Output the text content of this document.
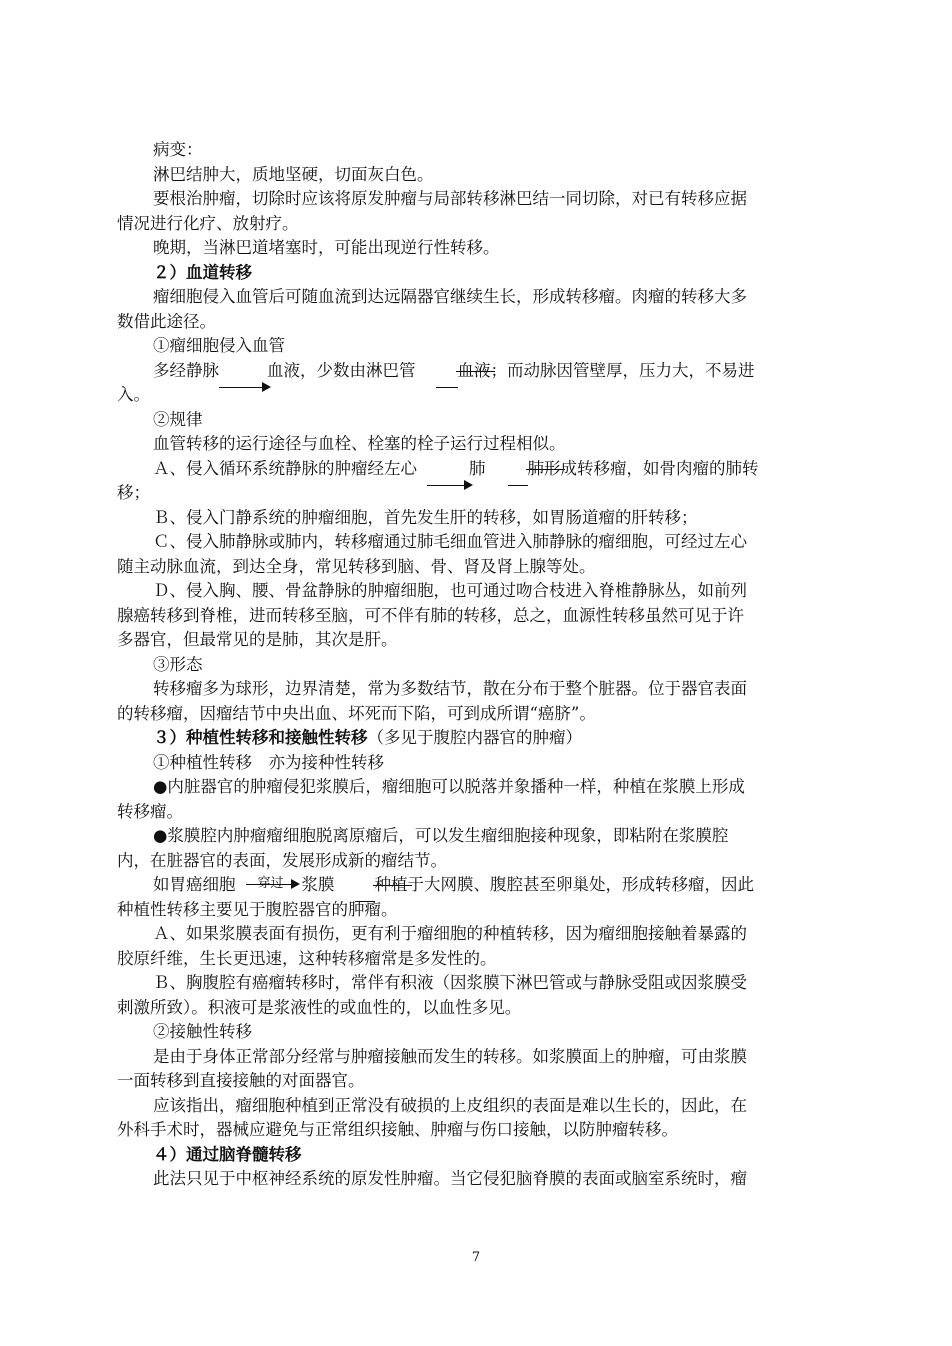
病变：
淋巴结肿大，质地坚硬，切面灰白色。
要根治肿瘤，切除时应该将原发肿瘤与局部转移淋巴结一同切除，对已有转移应据
情况进行化疗、放射疗。
晚期，当淋巴道堵塞时，可能出现逆行性转移。
２）血道转移
瘤细胞侵入血管后可随血流到达远隔器官继续生长，形成转移瘤。肉瘤的转移大多
数借此途径。
①瘤细胞侵入血管
多经静脉	血液，少数由淋巴管	血液；而动脉因管壁厚，压力大，不易进
入。
②规律
血管转移的运行途径与血栓、栓塞的栓子运行过程相似。
Ａ、侵入循环系统静脉的肿瘤经左心	肺	肺形成转移瘤，如骨肉瘤的肺转
移；
Ｂ、侵入门静系统的肿瘤细胞，首先发生肝的转移，如胃肠道瘤的肝转移；
Ｃ、侵入肺静脉或肺内，转移瘤通过肺毛细血管进入肺静脉的瘤细胞，可经过左心
随主动脉血流，到达全身，常见转移到脑、骨、肾及肾上腺等处。
Ｄ、侵入胸、腰、骨盆静脉的肿瘤细胞，也可通过吻合枝进入脊椎静脉丛，如前列
腺癌转移到脊椎，进而转移至脑，可不伴有肺的转移，总之，血源性转移虽然可见于许
多器官，但最常见的是肺，其次是肝。
③形态
转移瘤多为球形，边界清楚，常为多数结节，散在分布于整个脏器。位于器官表面
的转移瘤，因瘤结节中央出血、坏死而下陷，可到成所谓“癌脐”。
３）种植性转移和接触性转移（多见于腹腔内器官的肿瘤）
①种植性转移　亦为接种性转移
●内脏器官的肿瘤侵犯浆膜后，瘤细胞可以脱落并象播种一样，种植在浆膜上形成
转移瘤。
●浆膜腔内肿瘤瘤细胞脱离原瘤后，可以发生瘤细胞接种现象，即粘附在浆膜腔
内，在脏器官的表面，发展形成新的瘤结节。
如胃癌细胞 穿过 浆膜 种植于大网膜、腹腔甚至卵巢处，形成转移瘤，因此
种植性转移主要见于腹腔器官的肿瘤。
Ａ、如果浆膜表面有损伤，更有利于瘤细胞的种植转移，因为瘤细胞接触着暴露的
胶原纤维，生长更迅速，这种转移瘤常是多发性的。
Ｂ、胸腹腔有癌瘤转移时，常伴有积液（因浆膜下淋巴管或与静脉受阻或因浆膜受
刺激所致）。积液可是浆液性的或血性的，以血性多见。
②接触性转移
是由于身体正常部分经常与肿瘤接触而发生的转移。如浆膜面上的肿瘤，可由浆膜
一面转移到直接接触的对面器官。
应该指出，瘤细胞种植到正常没有破损的上皮组织的表面是难以生长的，因此，在
外科手术时，器械应避免与正常组织接触、肿瘤与伤口接触，以防肿瘤转移。
４）通过脑脊髓转移
此法只见于中枢神经系统的原发性肿瘤。当它侵犯脑脊膜的表面或脑室系统时，瘤
7
